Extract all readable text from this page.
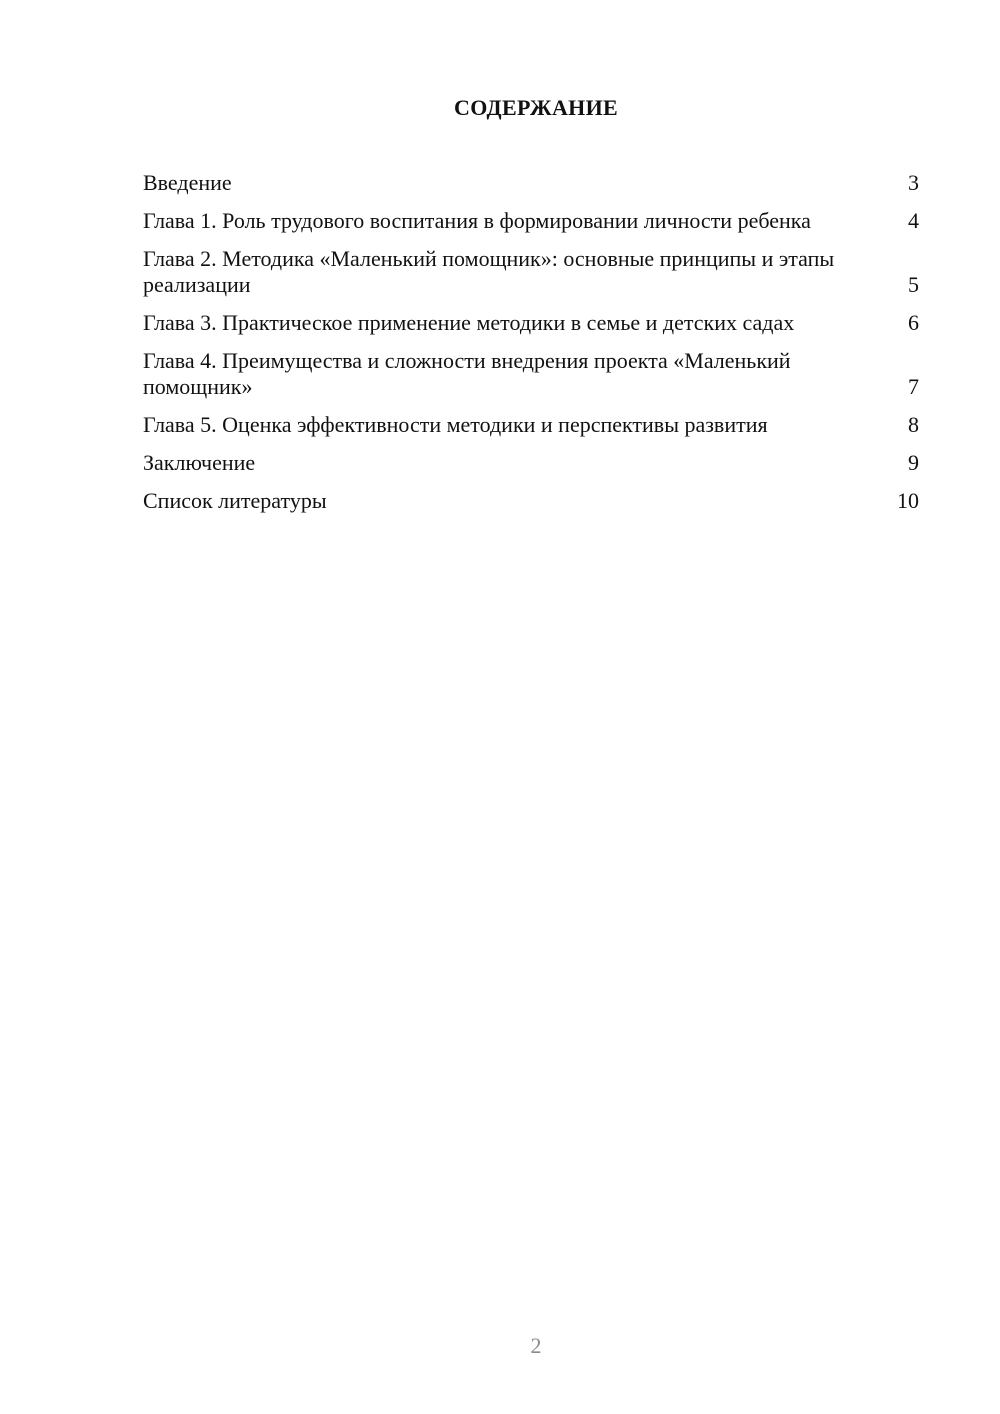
СОДЕРЖАНИЕ
Введение	3
Глава 1. Роль трудового воспитания в формировании личности ребенка	4
Глава 2. Методика «Маленький помощник»: основные принципы и этапы реализации	5
Глава 3. Практическое применение методики в семье и детских садах	6
Глава 4. Преимущества и сложности внедрения проекта «Маленький помощник»	7
Глава 5. Оценка эффективности методики и перспективы развития	8
Заключение	9
Список литературы	10
2
